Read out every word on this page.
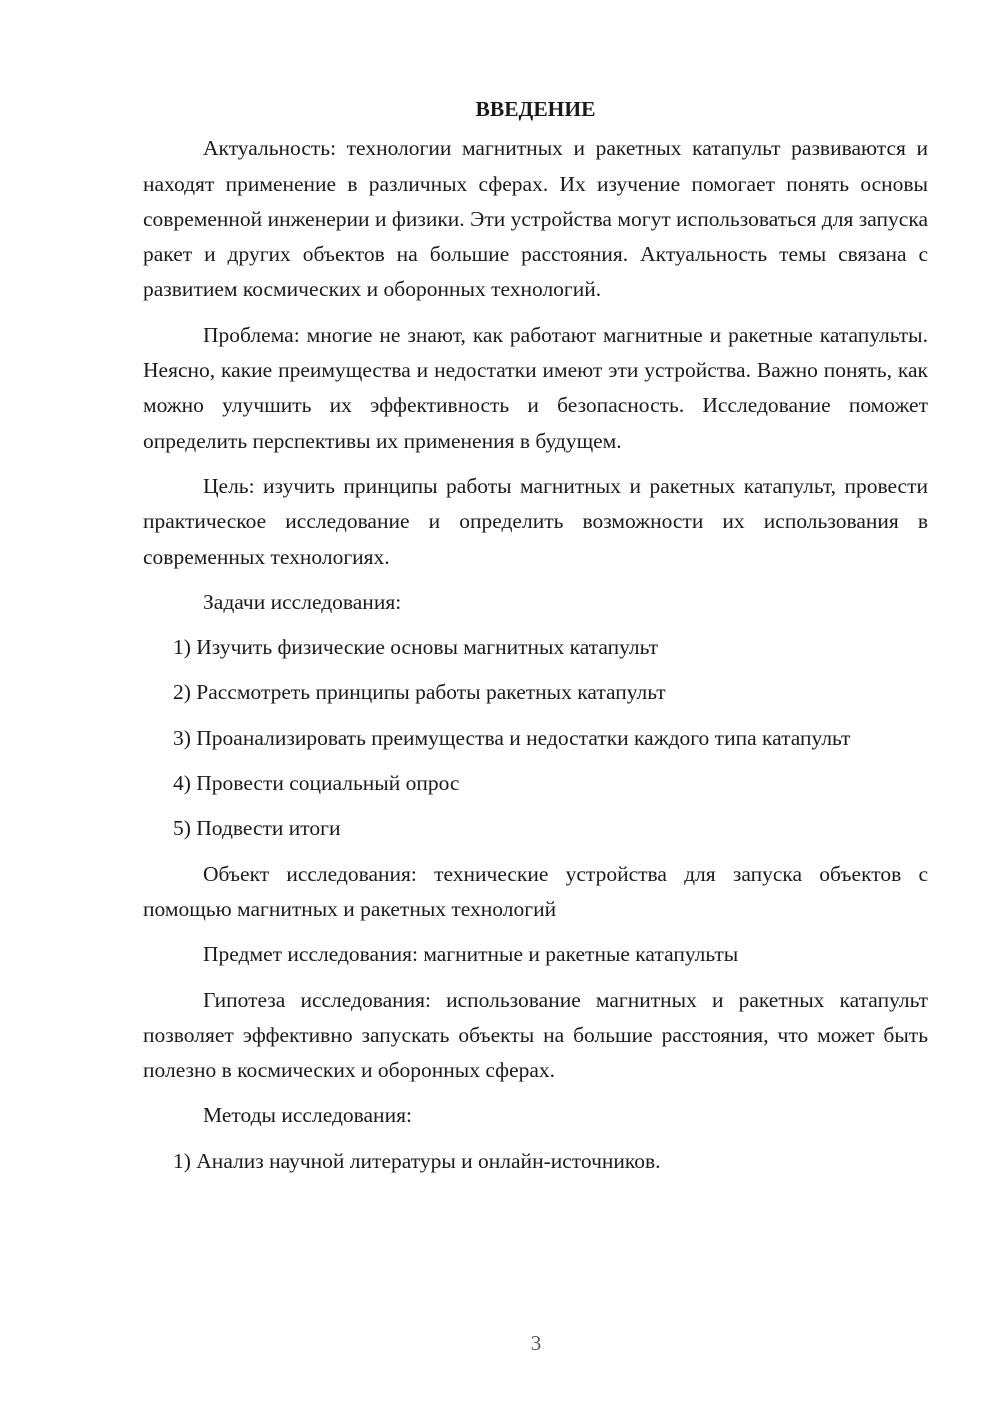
ВВЕДЕНИЕ

Актуальность: технологии магнитных и ракетных катапульт развиваются и находят применение в различных сферах. Их изучение помогает понять основы современной инженерии и физики. Эти устройства могут использоваться для запуска ракет и других объектов на большие расстояния. Актуальность темы связана с развитием космических и оборонных технологий.

Проблема: многие не знают, как работают магнитные и ракетные катапульты. Неясно, какие преимущества и недостатки имеют эти устройства. Важно понять, как можно улучшить их эффективность и безопасность. Исследование поможет определить перспективы их применения в будущем.

Цель: изучить принципы работы магнитных и ракетных катапульт, провести практическое исследование и определить возможности их использования в современных технологиях.

Задачи исследования:

1) Изучить физические основы магнитных катапульт

2) Рассмотреть принципы работы ракетных катапульт

3) Проанализировать преимущества и недостатки каждого типа катапульт

4) Провести социальный опрос

5) Подвести итоги

Объект исследования: технические устройства для запуска объектов с помощью магнитных и ракетных технологий

Предмет исследования: магнитные и ракетные катапульты

Гипотеза исследования: использование магнитных и ракетных катапульт позволяет эффективно запускать объекты на большие расстояния, что может быть полезно в космических и оборонных сферах.

Методы исследования:

1) Анализ научной литературы и онлайн-источников.

3
